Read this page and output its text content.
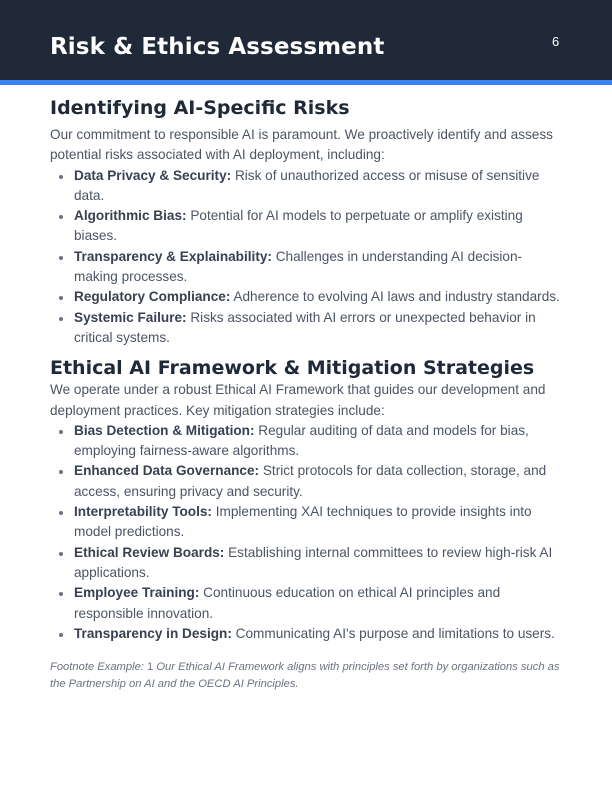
Risk & Ethics Assessment	6
Identifying AI-Specific Risks

Our commitment to responsible AI is paramount. We proactively identify and assess potential risks associated with AI deployment, including:

Data Privacy & Security: Risk of unauthorized access or misuse of sensitive data.
Algorithmic Bias: Potential for AI models to perpetuate or amplify existing biases.
Transparency & Explainability: Challenges in understanding AI decision-making processes.
Regulatory Compliance: Adherence to evolving AI laws and industry standards.
Systemic Failure: Risks associated with AI errors or unexpected behavior in critical systems.
Ethical AI Framework & Mitigation Strategies

We operate under a robust Ethical AI Framework that guides our development and deployment practices. Key mitigation strategies include:

Bias Detection & Mitigation: Regular auditing of data and models for bias, employing fairness-aware algorithms.
Enhanced Data Governance: Strict protocols for data collection, storage, and access, ensuring privacy and security.
Interpretability Tools: Implementing XAI techniques to provide insights into model predictions.
Ethical Review Boards: Establishing internal committees to review high-risk AI applications.
Employee Training: Continuous education on ethical AI principles and responsible innovation.
Transparency in Design: Communicating AI's purpose and limitations to users.
Footnote Example: 1 Our Ethical AI Framework aligns with principles set forth by organizations such as the Partnership on AI and the OECD AI Principles.
